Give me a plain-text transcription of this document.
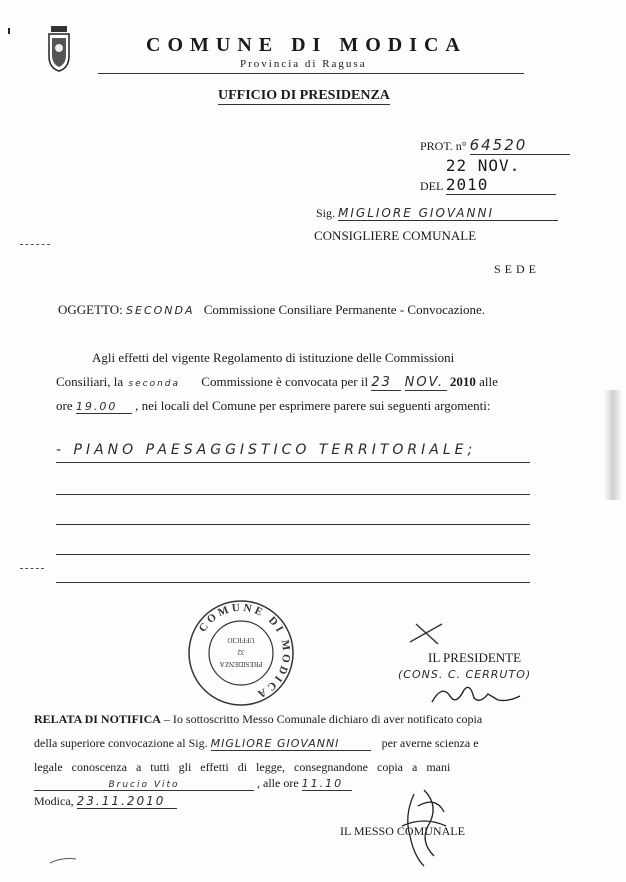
COMUNE DI MODICA
Provincia di Ragusa
UFFICIO DI PRESIDENZA
PROT. n° 64520
DEL 22 NOV. 2010
Sig. MIGLIORE GIOVANNI
CONSIGLIERE COMUNALE
SEDE
OGGETTO: SECONDA Commissione Consiliare Permanente - Convocazione.
Agli effetti del vigente Regolamento di istituzione delle Commissioni
Consiliari, la seconda Commissione è convocata per il 23 NOV. 2010 alle
ore 19.00 , nei locali del Comune per esprimere parere sui seguenti argomenti:
- PIANO PAESAGGISTICO TERRITORIALE;
COMUNE DI MODICA
PRESIDENZA
32
UFFICIO
IL PRESIDENTE
(CONS. C. CERRUTO)
RELATA DI NOTIFICA – Io sottoscritto Messo Comunale dichiaro di aver notificato copia
della superiore convocazione al Sig. MIGLIORE GIOVANNI	per averne scienza e
legale conoscenza a tutti gli effetti di legge, consegnandone copia a mani
Brucio Vito	, alle ore 11.10
Modica, 23.11.2010
IL MESSO COMUNALE
